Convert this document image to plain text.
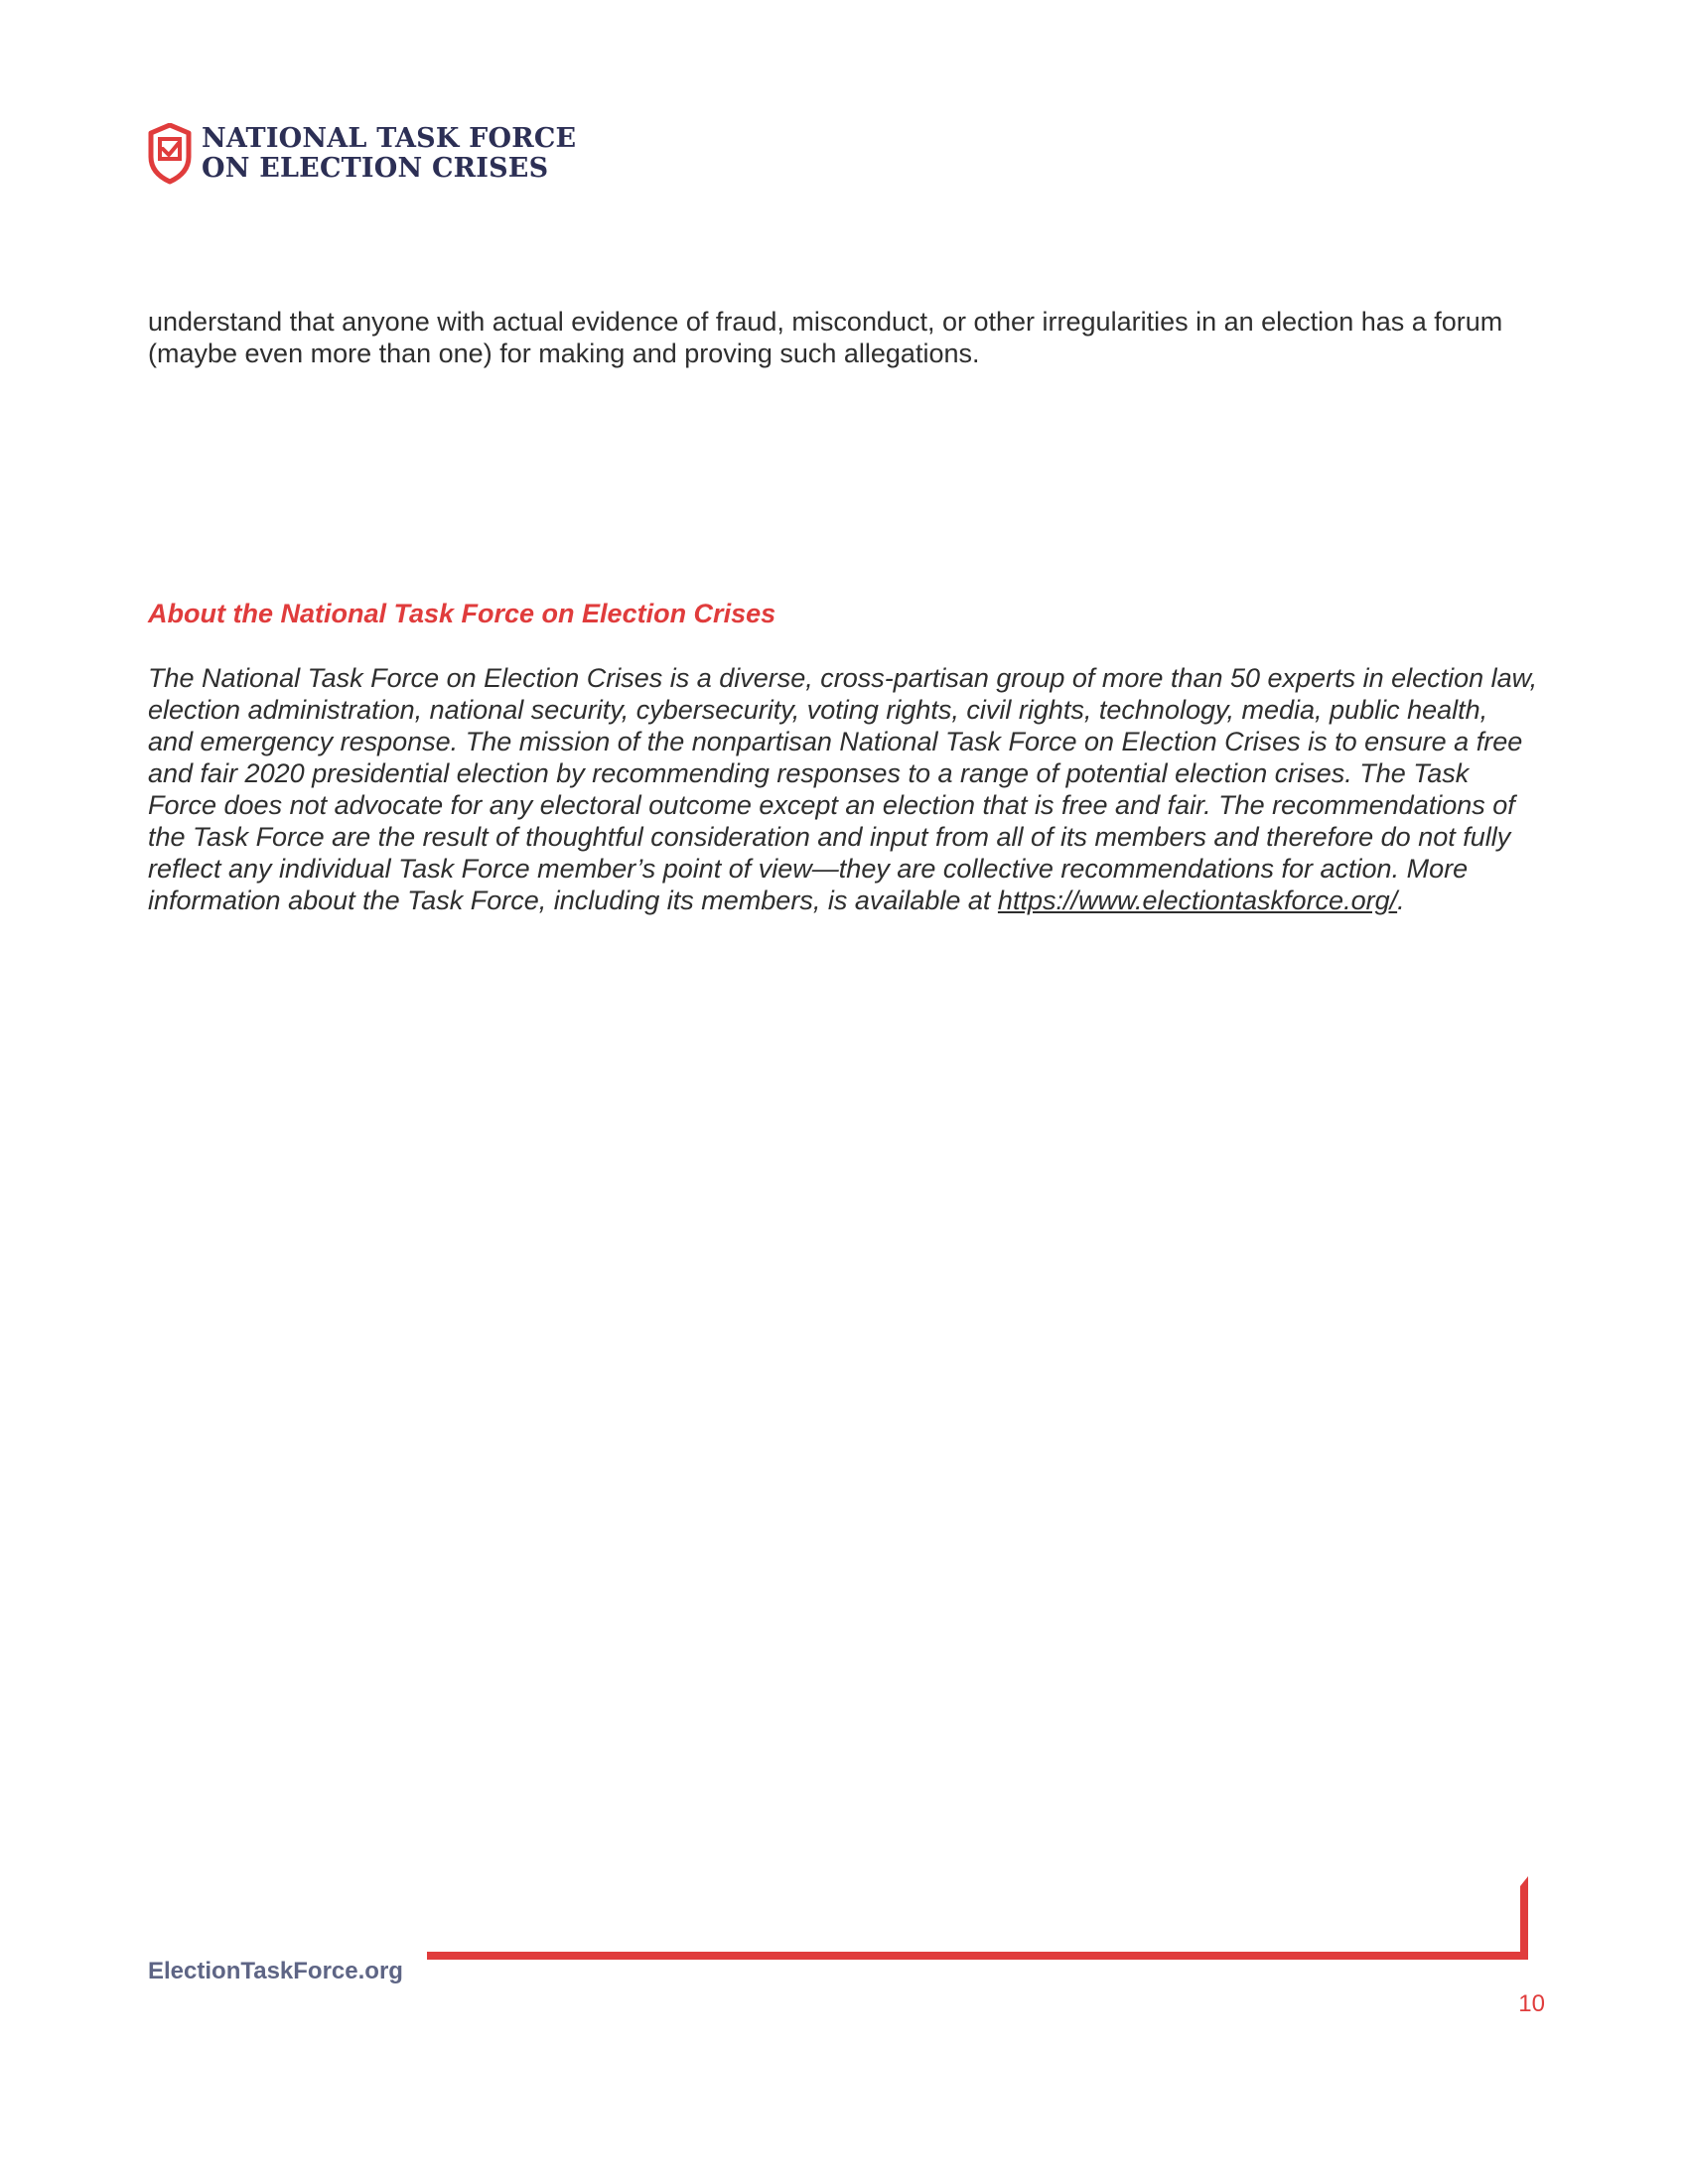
NATIONAL TASK FORCE
ON ELECTION CRISES

understand that anyone with actual evidence of fraud, misconduct, or other irregularities in an election has a forum (maybe even more than one) for making and proving such allegations.

About the National Task Force on Election Crises

The National Task Force on Election Crises is a diverse, cross-partisan group of more than 50 experts in election law, election administration, national security, cybersecurity, voting rights, civil rights, technology, media, public health, and emergency response. The mission of the nonpartisan National Task Force on Election Crises is to ensure a free and fair 2020 presidential election by recommending responses to a range of potential election crises. The Task Force does not advocate for any electoral outcome except an election that is free and fair. The recommendations of the Task Force are the result of thoughtful consideration and input from all of its members and therefore do not fully reflect any individual Task Force member’s point of view—they are collective recommendations for action. More information about the Task Force, including its members, is available at https://www.electiontaskforce.org/.

ElectionTaskForce.org
10
